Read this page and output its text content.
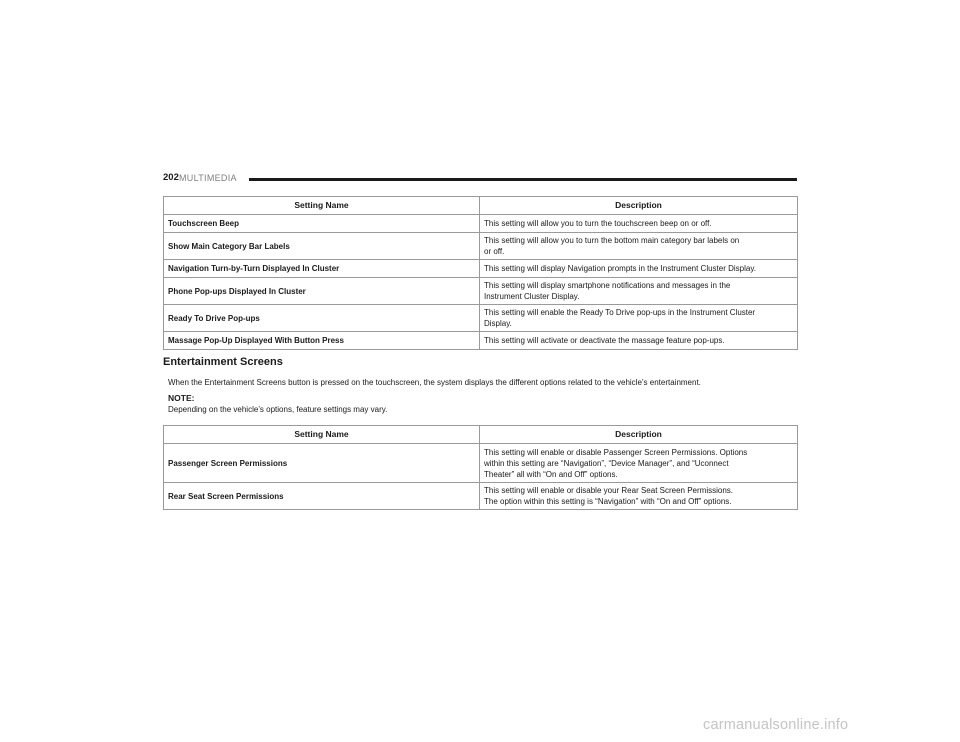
202 MULTIMEDIA
Setting Name	Description
Touchscreen Beep	This setting will allow you to turn the touchscreen beep on or off.

Show Main Category Bar Labels	This setting will allow you to turn the bottom main category bar labels on
or off.

Navigation Turn-by-Turn Displayed In Cluster	This setting will display Navigation prompts in the Instrument Cluster Display.

Phone Pop-ups Displayed In Cluster	This setting will display smartphone notifications and messages in the
Instrument Cluster Display.

Ready To Drive Pop-ups	This setting will enable the Ready To Drive pop-ups in the Instrument Cluster
Display.

Massage Pop-Up Displayed With Button Press	This setting will activate or deactivate the massage feature pop-ups.
Entertainment Screens
When the Entertainment Screens button is pressed on the touchscreen, the system displays the different options related to the vehicle’s entertainment.
NOTE:
Depending on the vehicle’s options, feature settings may vary.
Setting Name	Description
Passenger Screen Permissions	This setting will enable or disable Passenger Screen Permissions. Options
within this setting are “Navigation”, “Device Manager”, and “Uconnect
Theater” all with “On and Off” options.

Rear Seat Screen Permissions	This setting will enable or disable your Rear Seat Screen Permissions.
The option within this setting is “Navigation” with “On and Off” options.
carmanualsonline.info
